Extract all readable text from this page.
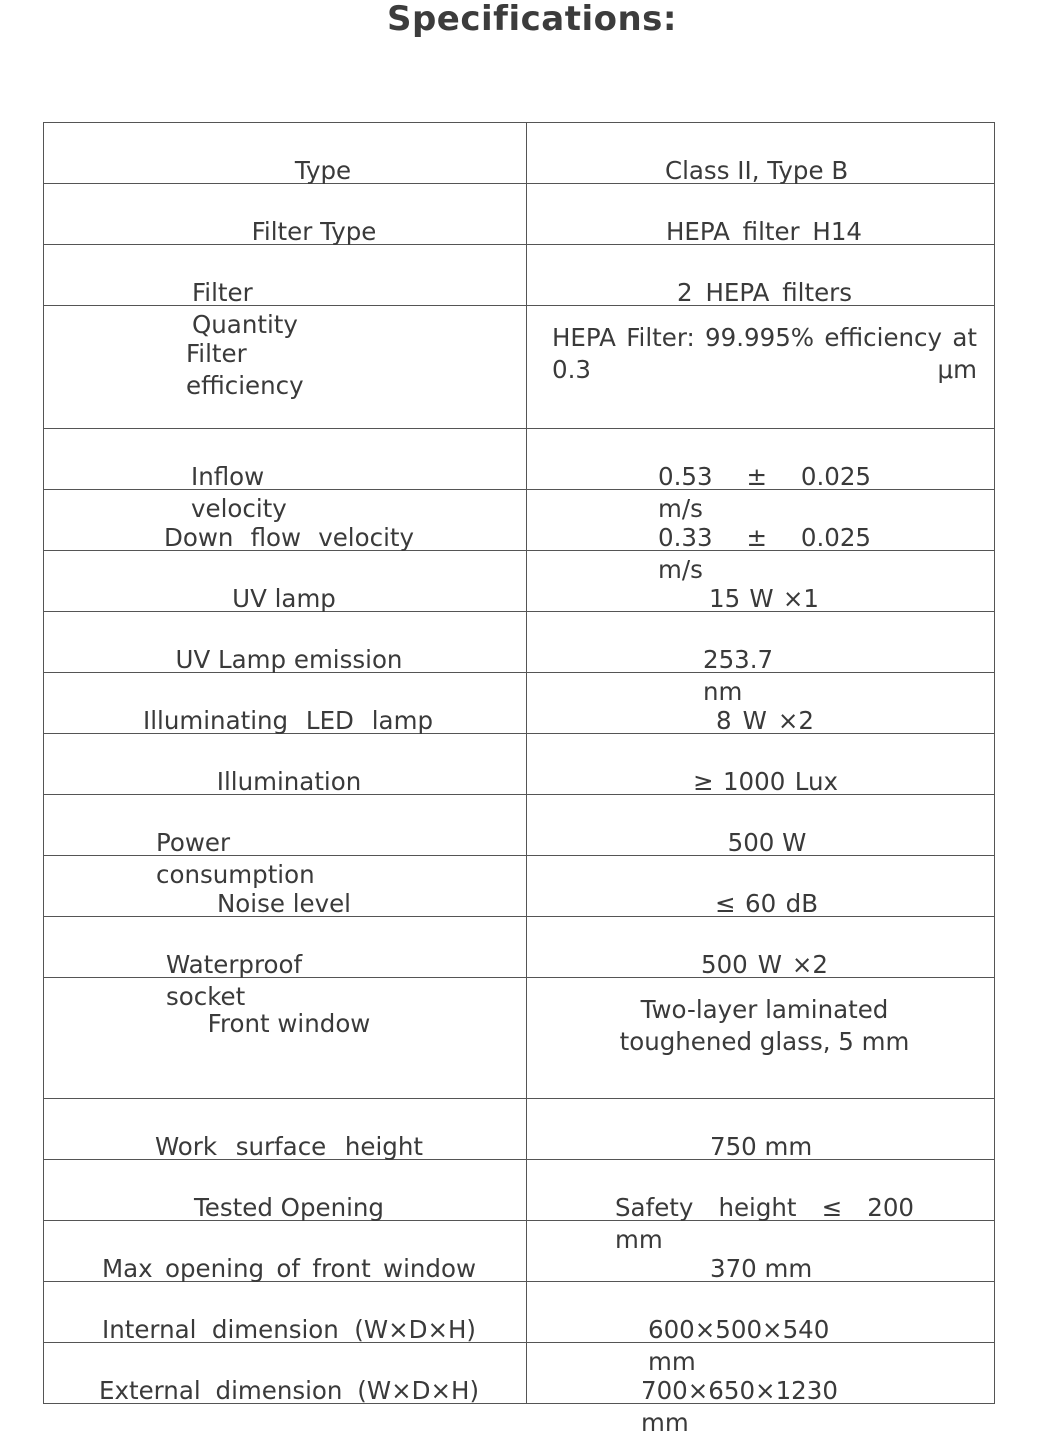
Specifications:
Type	Class II, Type B

Filter Type	HEPA filter H14

Filter Quantity	2 HEPA filters

Filter efficiency	HEPA Filter: 99.995% efficiency at 0.3 μm

Inflow velocity	0.53 ± 0.025 m/s

Down flow velocity	0.33 ± 0.025 m/s

UV lamp	15 W ×1

UV Lamp emission	253.7 nm

Illuminating LED lamp	8 W ×2

Illumination	≥ 1000 Lux

Power consumption	500 W

Noise level	≤ 60 dB

Waterproof socket	500 W ×2

Front window	Two-layer laminated toughened glass, 5 mm

Work surface height	750 mm

Tested Opening	Safety height ≤ 200 mm

Max opening of front window	370 mm

Internal dimension (W×D×H)	600×500×540 mm

External dimension (W×D×H)	700×650×1230 mm
